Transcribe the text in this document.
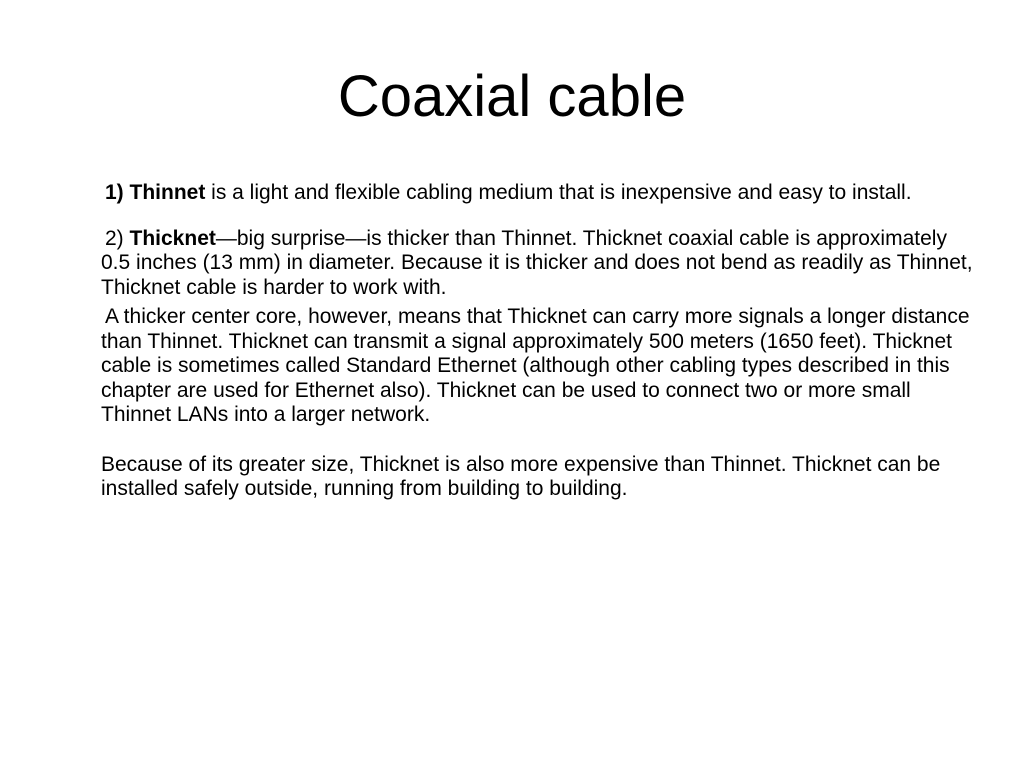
Coaxial cable

1) Thinnet is a light and flexible cabling medium that is inexpensive and easy to install.

2) Thicknet—big surprise—is thicker than Thinnet. Thicknet coaxial cable is approximately 0.5 inches (13 mm) in diameter. Because it is thicker and does not bend as readily as Thinnet, Thicknet cable is harder to work with.

A thicker center core, however, means that Thicknet can carry more signals a longer distance than Thinnet. Thicknet can transmit a signal approximately 500 meters (1650 feet). Thicknet cable is sometimes called Standard Ethernet (although other cabling types described in this chapter are used for Ethernet also). Thicknet can be used to connect two or more small Thinnet LANs into a larger network.

Because of its greater size, Thicknet is also more expensive than Thinnet. Thicknet can be installed safely outside, running from building to building.
